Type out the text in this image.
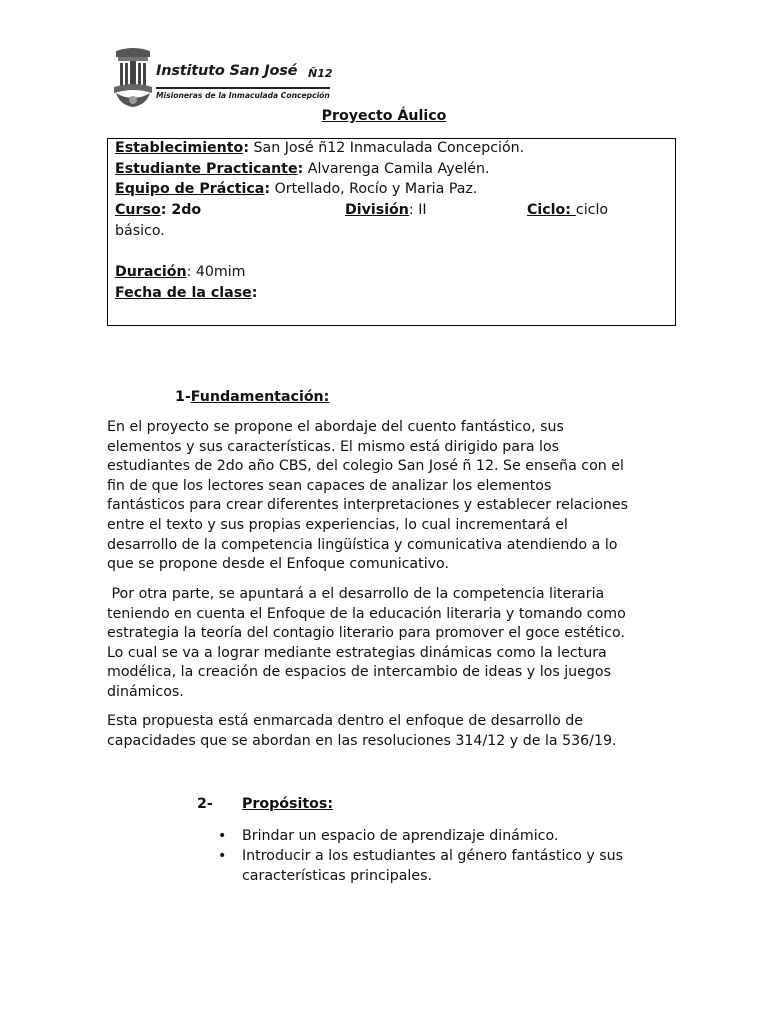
Instituto San José Ñ12
Misioneras de la Inmaculada Concepción
Proyecto Áulico
Establecimiento: San José ñ12 Inmaculada Concepción.
Estudiante Practicante: Alvarenga Camila Ayelén.
Equipo de Práctica: Ortellado, Rocío y Maria Paz.
Curso: 2do	División: II	Ciclo: ciclo
básico.
Duración: 40mim
Fecha de la clase:
1-Fundamentación:

En el proyecto se propone el abordaje del cuento fantástico, sus

elementos y sus características. El mismo está dirigido para los

estudiantes de 2do año CBS, del colegio San José ñ 12. Se enseña con el

fin de que los lectores sean capaces de analizar los elementos

fantásticos para crear diferentes interpretaciones y establecer relaciones

entre el texto y sus propias experiencias, lo cual incrementará el

desarrollo de la competencia lingüística y comunicativa atendiendo a lo

que se propone desde el Enfoque comunicativo.

Por otra parte, se apuntará a el desarrollo de la competencia literaria

teniendo en cuenta el Enfoque de la educación literaria y tomando como

estrategia la teoría del contagio literario para promover el goce estético.

Lo cual se va a lograr mediante estrategias dinámicas como la lectura

modélica, la creación de espacios de intercambio de ideas y los juegos

dinámicos.

Esta propuesta está enmarcada dentro el enfoque de desarrollo de

capacidades que se abordan en las resoluciones 314/12 y de la 536/19.

2- Propósitos:
• Brindar un espacio de aprendizaje dinámico.
• Introducir a los estudiantes al género fantástico y sus características principales.
